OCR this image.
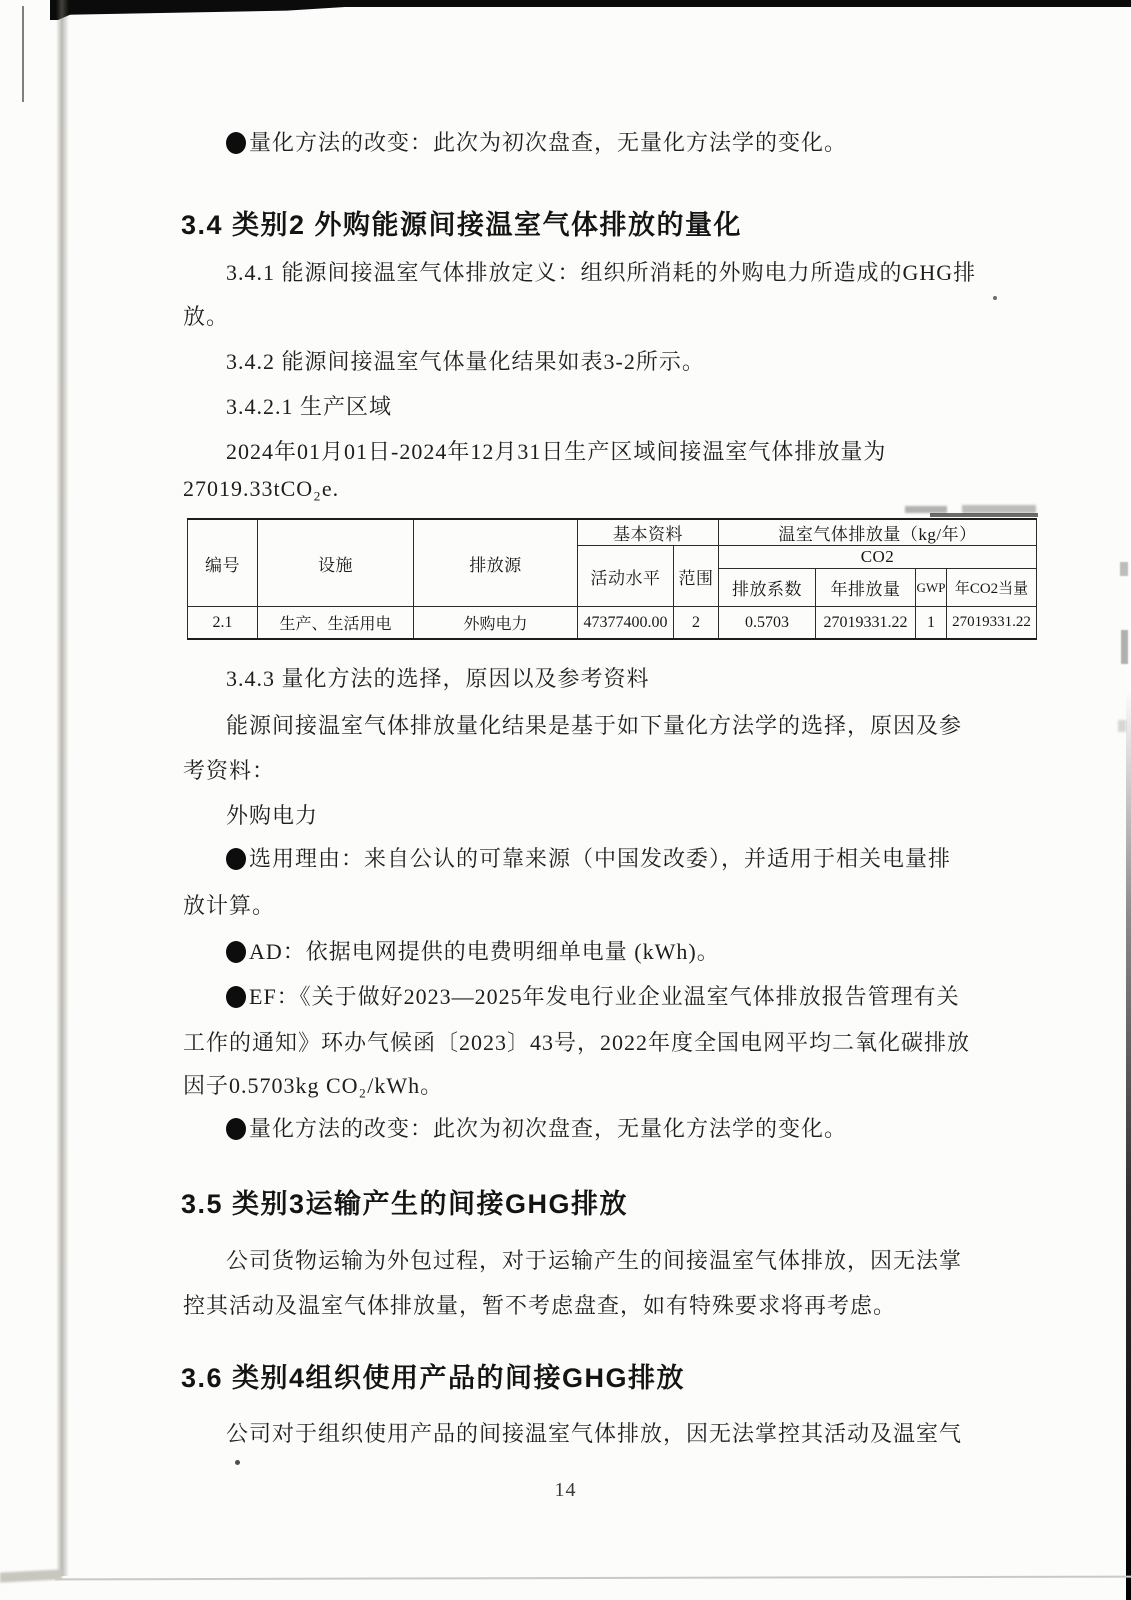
量化方法的改变：此次为初次盘查，无量化方法学的变化。
3.4 类别2 外购能源间接温室气体排放的量化
3.4.1 能源间接温室气体排放定义：组织所消耗的外购电力所造成的GHG排
放。
3.4.2 能源间接温室气体量化结果如表3-2所示。
3.4.2.1 生产区域
2024年01月01日-2024年12月31日生产区域间接温室气体排放量为
27019.33tCO₂e.
编号	设施	排放源	基本资料		温室气体排放量（kg/年）			
			活动水平	范围	CO2			
					排放系数	年排放量	GWP	年CO2当量
2.1	生产、生活用电	外购电力	47377400.00	2	0.5703	27019331.22	1	27019331.22
3.4.3 量化方法的选择，原因以及参考资料
能源间接温室气体排放量化结果是基于如下量化方法学的选择，原因及参
考资料：
外购电力
选用理由：来自公认的可靠来源（中国发改委），并适用于相关电量排
放计算。
AD：依据电网提供的电费明细单电量 (kWh)。
EF：《关于做好2023—2025年发电行业企业温室气体排放报告管理有关
工作的通知》环办气候函〔2023〕43号，2022年度全国电网平均二氧化碳排放
因子0.5703kg CO₂/kWh。
量化方法的改变：此次为初次盘查，无量化方法学的变化。
3.5 类别3运输产生的间接GHG排放
公司货物运输为外包过程，对于运输产生的间接温室气体排放，因无法掌
控其活动及温室气体排放量，暂不考虑盘查，如有特殊要求将再考虑。
3.6 类别4组织使用产品的间接GHG排放
公司对于组织使用产品的间接温室气体排放，因无法掌控其活动及温室气
14
